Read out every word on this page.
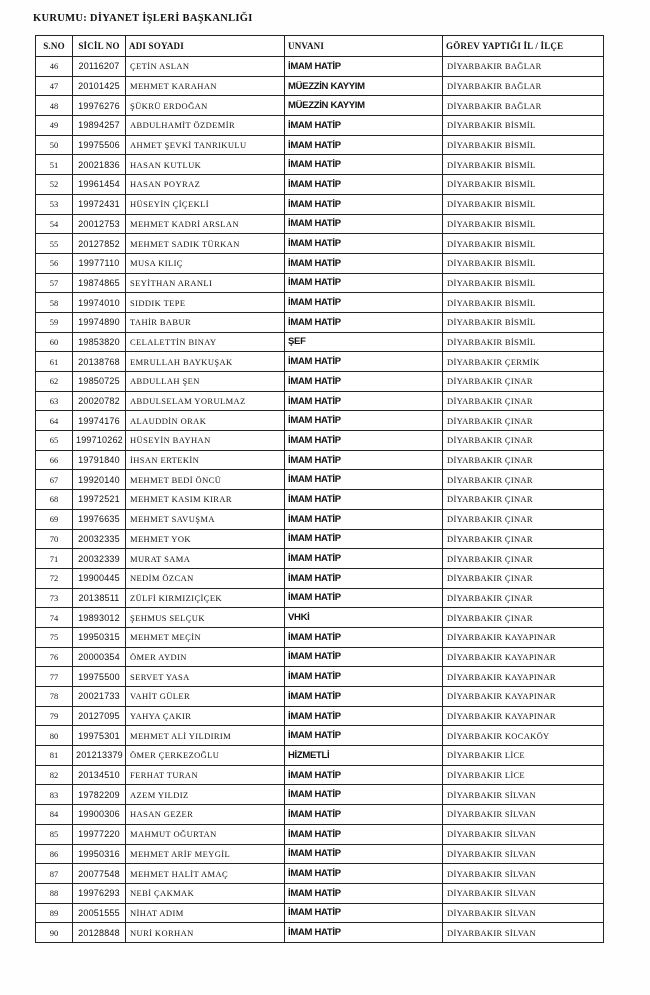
KURUMU: DİYANET İŞLERİ BAŞKANLIĞI
S.NO	SİCİL NO	ADI SOYADI	UNVANI	GÖREV YAPTIĞI İL / İLÇE
46	20116207	ÇETİN ASLAN	İMAM HATİP	DİYARBAKIR BAĞLAR
47	20101425	MEHMET KARAHAN	MÜEZZİN KAYYIM	DİYARBAKIR BAĞLAR
48	19976276	ŞÜKRÜ ERDOĞAN	MÜEZZİN KAYYIM	DİYARBAKIR BAĞLAR
49	19894257	ABDULHAMİT ÖZDEMİR	İMAM HATİP	DİYARBAKIR BİSMİL
50	19975506	AHMET ŞEVKİ TANRIKULU	İMAM HATİP	DİYARBAKIR BİSMİL
51	20021836	HASAN KUTLUK	İMAM HATİP	DİYARBAKIR BİSMİL
52	19961454	HASAN POYRAZ	İMAM HATİP	DİYARBAKIR BİSMİL
53	19972431	HÜSEYİN ÇİÇEKLİ	İMAM HATİP	DİYARBAKIR BİSMİL
54	20012753	MEHMET KADRİ ARSLAN	İMAM HATİP	DİYARBAKIR BİSMİL
55	20127852	MEHMET SADIK TÜRKAN	İMAM HATİP	DİYARBAKIR BİSMİL
56	19977110	MUSA KILIÇ	İMAM HATİP	DİYARBAKIR BİSMİL
57	19874865	SEYİTHAN ARANLI	İMAM HATİP	DİYARBAKIR BİSMİL
58	19974010	SIDDIK TEPE	İMAM HATİP	DİYARBAKIR BİSMİL
59	19974890	TAHİR BABUR	İMAM HATİP	DİYARBAKIR BİSMİL
60	19853820	CELALETTİN BINAY	ŞEF	DİYARBAKIR BİSMİL
61	20138768	EMRULLAH BAYKUŞAK	İMAM HATİP	DİYARBAKIR ÇERMİK
62	19850725	ABDULLAH ŞEN	İMAM HATİP	DİYARBAKIR ÇINAR
63	20020782	ABDULSELAM YORULMAZ	İMAM HATİP	DİYARBAKIR ÇINAR
64	19974176	ALAUDDİN ORAK	İMAM HATİP	DİYARBAKIR ÇINAR
65	199710262	HÜSEYİN BAYHAN	İMAM HATİP	DİYARBAKIR ÇINAR
66	19791840	İHSAN ERTEKİN	İMAM HATİP	DİYARBAKIR ÇINAR
67	19920140	MEHMET BEDİ ÖNCÜ	İMAM HATİP	DİYARBAKIR ÇINAR
68	19972521	MEHMET KASIM KIRAR	İMAM HATİP	DİYARBAKIR ÇINAR
69	19976635	MEHMET SAVUŞMA	İMAM HATİP	DİYARBAKIR ÇINAR
70	20032335	MEHMET YOK	İMAM HATİP	DİYARBAKIR ÇINAR
71	20032339	MURAT SAMA	İMAM HATİP	DİYARBAKIR ÇINAR
72	19900445	NEDİM ÖZCAN	İMAM HATİP	DİYARBAKIR ÇINAR
73	20138511	ZÜLFİ KIRMIZIÇİÇEK	İMAM HATİP	DİYARBAKIR ÇINAR
74	19893012	ŞEHMUS SELÇUK	VHKİ	DİYARBAKIR ÇINAR
75	19950315	MEHMET MEÇİN	İMAM HATİP	DİYARBAKIR KAYAPINAR
76	20000354	ÖMER AYDIN	İMAM HATİP	DİYARBAKIR KAYAPINAR
77	19975500	SERVET YASA	İMAM HATİP	DİYARBAKIR KAYAPINAR
78	20021733	VAHİT GÜLER	İMAM HATİP	DİYARBAKIR KAYAPINAR
79	20127095	YAHYA ÇAKIR	İMAM HATİP	DİYARBAKIR KAYAPINAR
80	19975301	MEHMET ALİ YILDIRIM	İMAM HATİP	DİYARBAKIR KOCAKÖY
81	201213379	ÖMER ÇERKEZOĞLU	HİZMETLİ	DİYARBAKIR LİCE
82	20134510	FERHAT TURAN	İMAM HATİP	DİYARBAKIR LİCE
83	19782209	AZEM YILDIZ	İMAM HATİP	DİYARBAKIR SİLVAN
84	19900306	HASAN GEZER	İMAM HATİP	DİYARBAKIR SİLVAN
85	19977220	MAHMUT OĞURTAN	İMAM HATİP	DİYARBAKIR SİLVAN
86	19950316	MEHMET ARİF MEYGİL	İMAM HATİP	DİYARBAKIR SİLVAN
87	20077548	MEHMET HALİT AMAÇ	İMAM HATİP	DİYARBAKIR SİLVAN
88	19976293	NEBİ ÇAKMAK	İMAM HATİP	DİYARBAKIR SİLVAN
89	20051555	NİHAT ADIM	İMAM HATİP	DİYARBAKIR SİLVAN
90	20128848	NURİ KORHAN	İMAM HATİP	DİYARBAKIR SİLVAN
